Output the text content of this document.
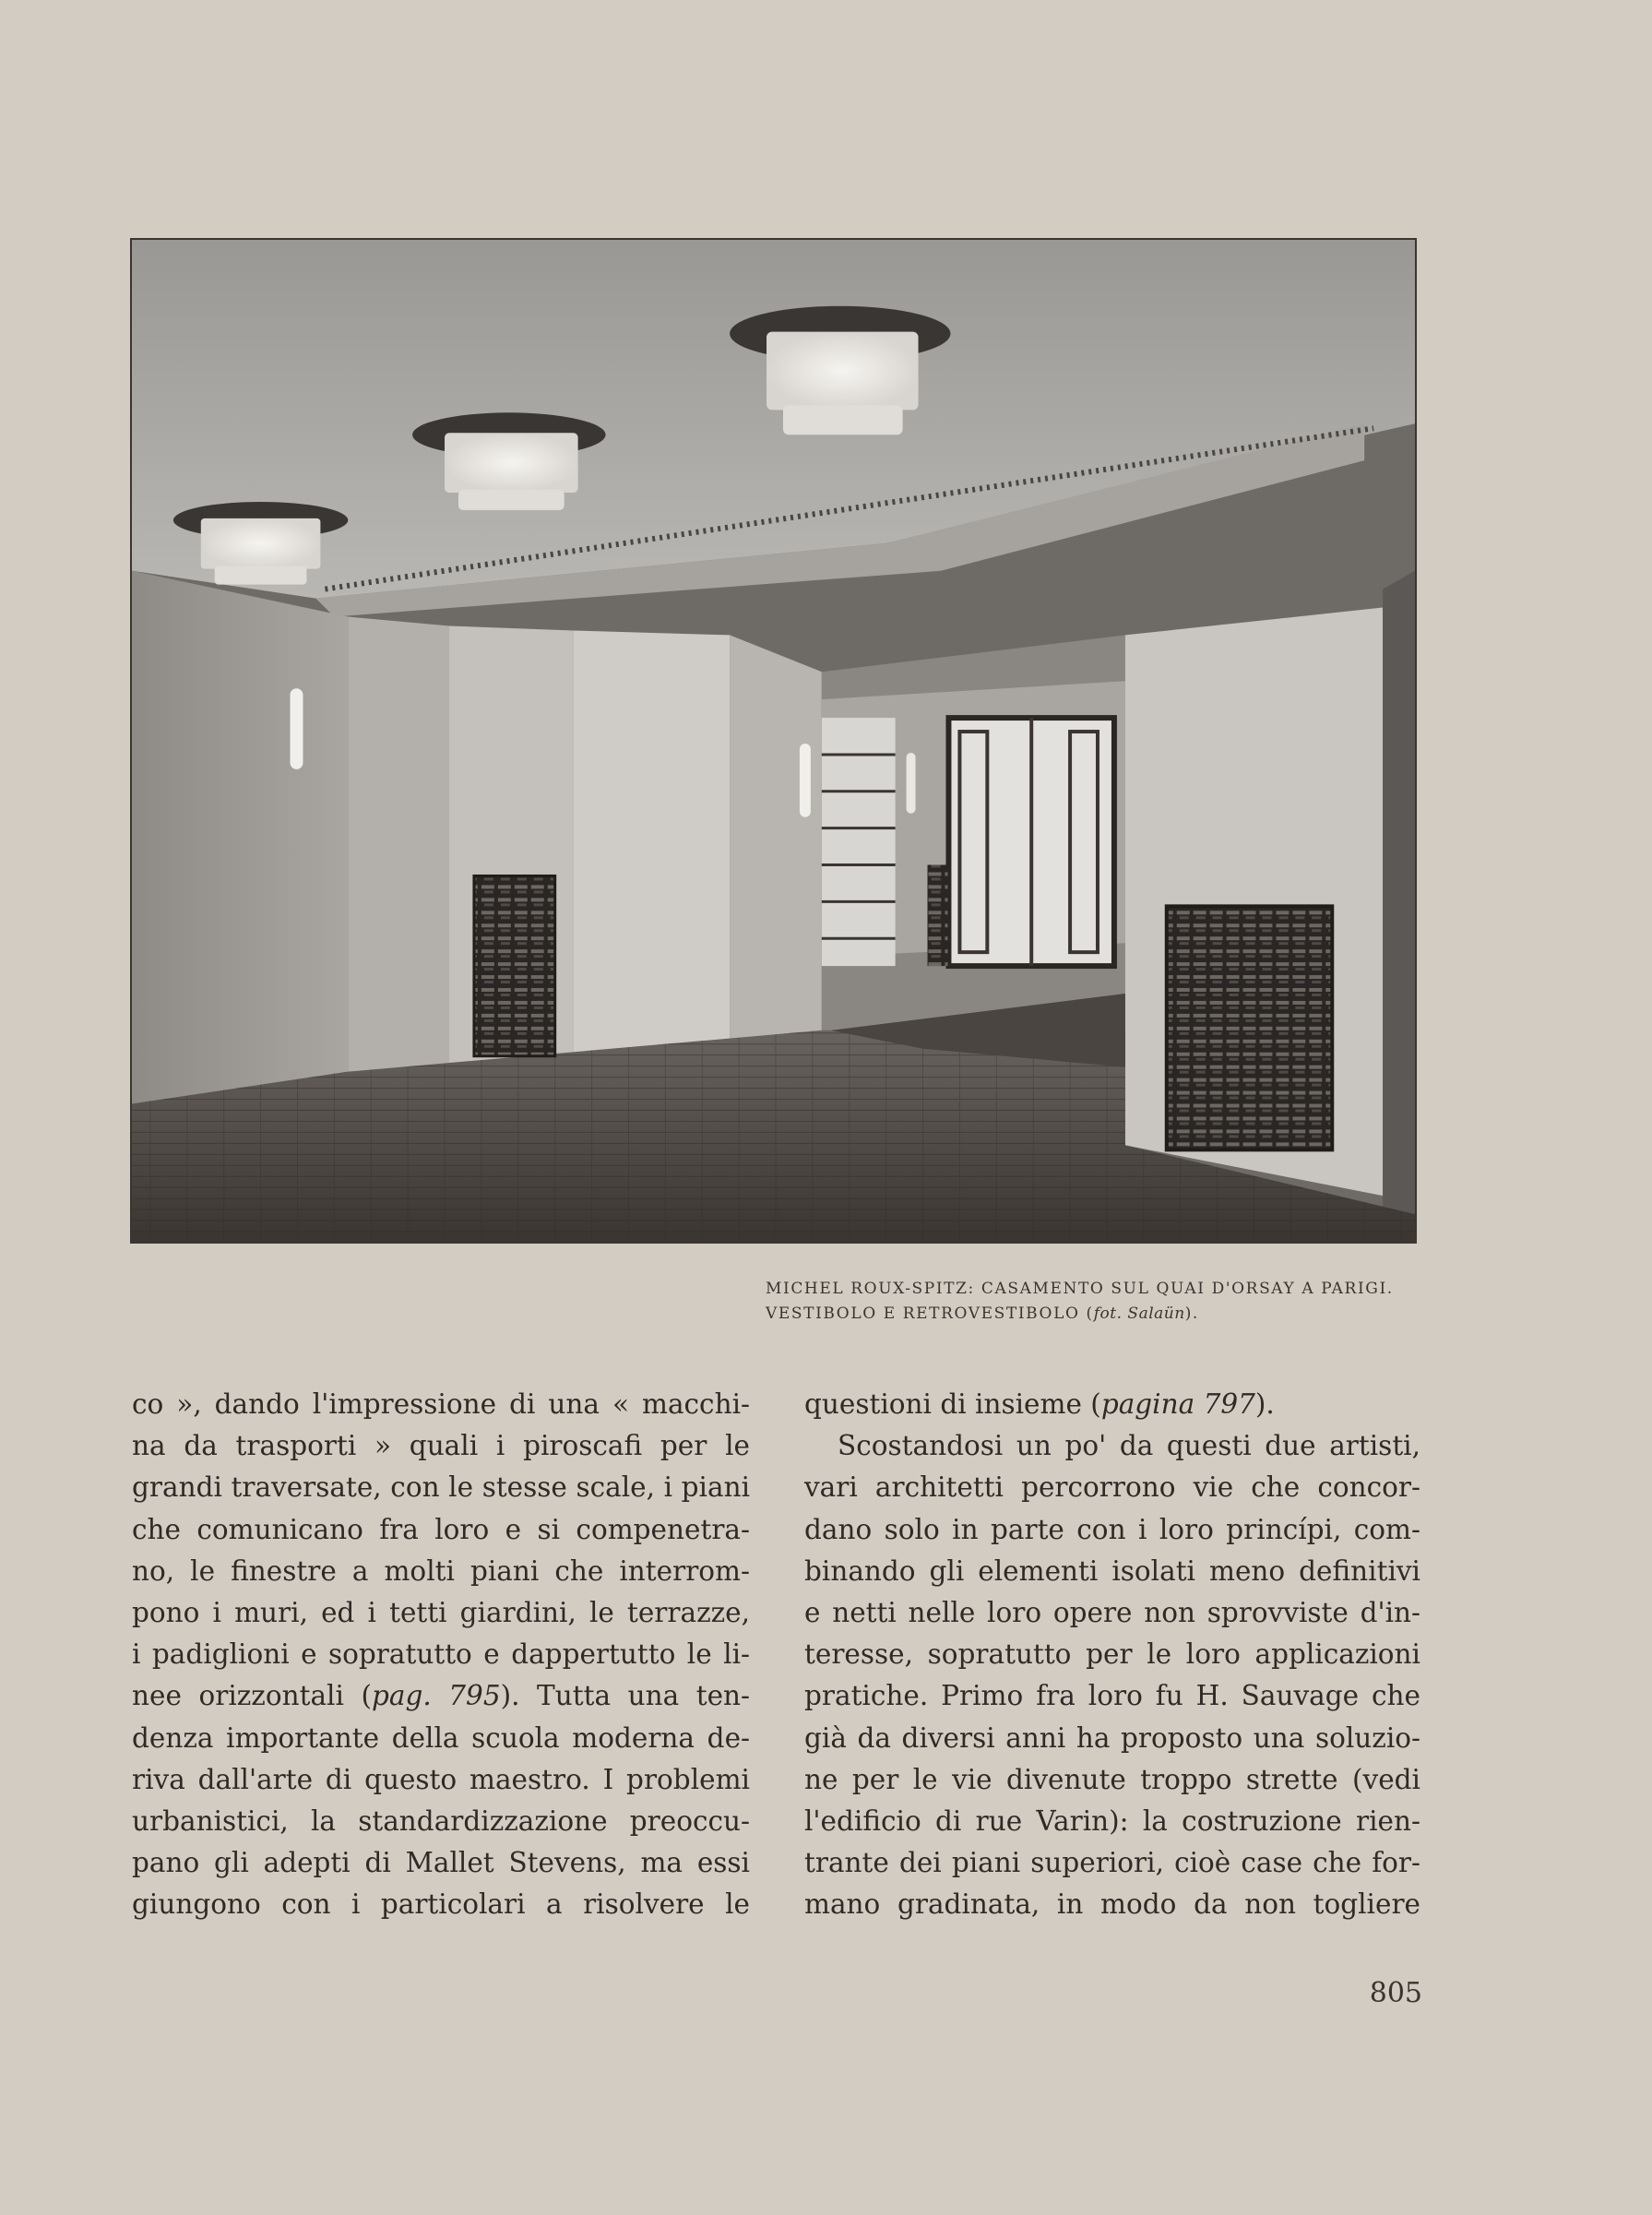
MICHEL ROUX-SPITZ: CASAMENTO SUL QUAI D'ORSAY A PARIGI.
VESTIBOLO E RETROVESTIBOLO (fot. Salaün).
co », dando l'impressione di una « macchi-
na da trasporti » quali i piroscafi per le
grandi traversate, con le stesse scale, i piani
che comunicano fra loro e si compenetra-
no, le finestre a molti piani che interrom-
pono i muri, ed i tetti giardini, le terrazze,
i padiglioni e sopratutto e dappertutto le li-
nee orizzontali (pag. 795). Tutta una ten-
denza importante della scuola moderna de-
riva dall'arte di questo maestro. I problemi
urbanistici, la standardizzazione preoccu-
pano gli adepti di Mallet Stevens, ma essi
giungono con i particolari a risolvere le
questioni di insieme (pagina 797).
Scostandosi un po' da questi due artisti,
vari architetti percorrono vie che concor-
dano solo in parte con i loro princípi, com-
binando gli elementi isolati meno definitivi
e netti nelle loro opere non sprovviste d'in-
teresse, sopratutto per le loro applicazioni
pratiche. Primo fra loro fu H. Sauvage che
già da diversi anni ha proposto una soluzio-
ne per le vie divenute troppo strette (vedi
l'edificio di rue Varin): la costruzione rien-
trante dei piani superiori, cioè case che for-
mano gradinata, in modo da non togliere
805
